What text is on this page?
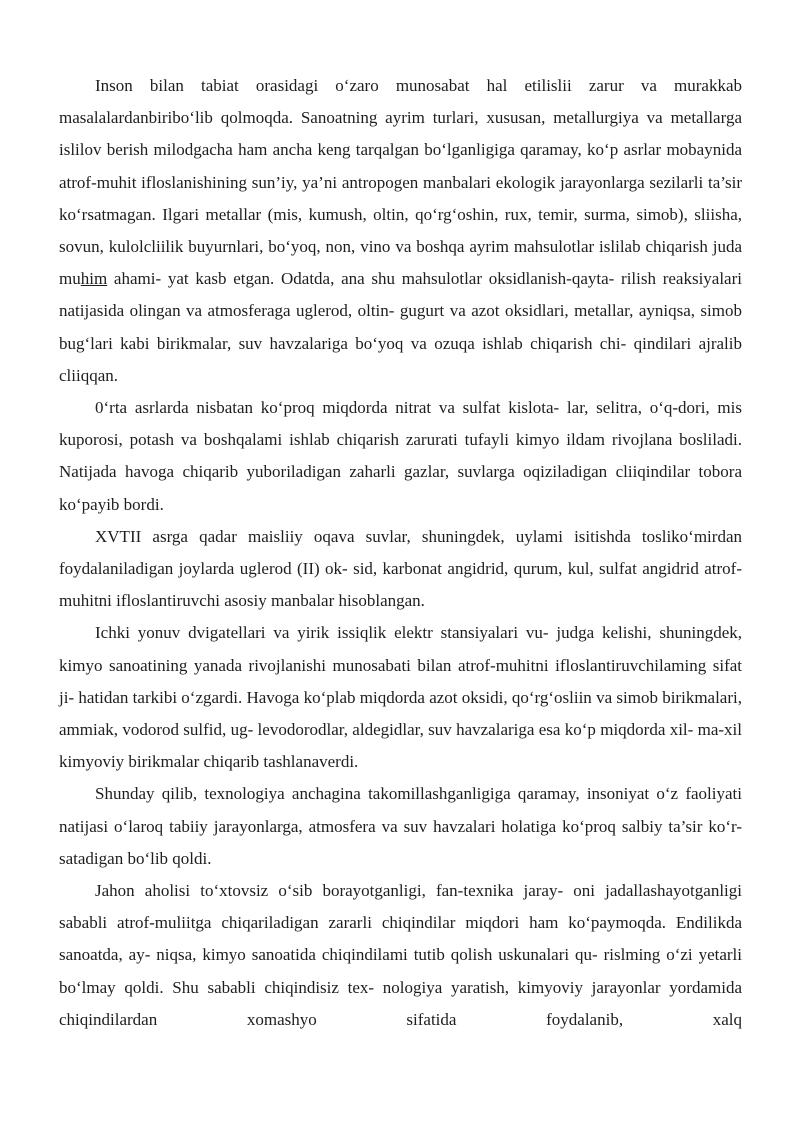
Inson bilan tabiat orasidagi o‘zaro munosabat hal etilislii zarur va murakkab masalalardanbiribo‘lib qolmoqda. Sanoatning ayrim turlari, xususan, metallurgiya va metallarga islilov berish milodgacha ham ancha keng tarqalgan bo‘lganligiga qaramay, ko‘p asrlar mobaynida atrof-muhit ifloslanishining sun’iy, ya’ni antropogen manbalari ekologik jarayonlarga sezilarli ta’sir ko‘rsatmagan. Ilgari metallar (mis, kumush, oltin, qo‘rg‘oshin, rux, temir, surma, simob), sliisha, sovun, kulolcliilik buyurnlari, bo‘yoq, non, vino va boshqa ayrim mahsulotlar islilab chiqarish juda muhim ahami- yat kasb etgan. Odatda, ana shu mahsulotlar oksidlanish-qayta- rilish reaksiyalari natijasida olingan va atmosferaga uglerod, oltin- gugurt va azot oksidlari, metallar, ayniqsa, simob bug‘lari kabi birikmalar, suv havzalariga bo‘yoq va ozuqa ishlab chiqarish chi- qindilari ajralib cliiqqan.

0‘rta asrlarda nisbatan ko‘proq miqdorda nitrat va sulfat kislota- lar, selitra, o‘q-dori, mis kuporosi, potash va boshqalami ishlab chiqarish zarurati tufayli kimyo ildam rivojlana bosliladi. Natijada havoga chiqarib yuboriladigan zaharli gazlar, suvlarga oqiziladigan cliiqindilar tobora ko‘payib bordi.

XVTII asrga qadar maisliiy oqava suvlar, shuningdek, uylami isitishda tosliko‘mirdan foydalaniladigan joylarda uglerod (II) ok- sid, karbonat angidrid, qurum, kul, sulfat angidrid atrof-muhitni ifloslantiruvchi asosiy manbalar hisoblangan.

Ichki yonuv dvigatellari va yirik issiqlik elektr stansiyalari vu- judga kelishi, shuningdek, kimyo sanoatining yanada rivojlanishi munosabati bilan atrof-muhitni ifloslantiruvchilaming sifat ji- hatidan tarkibi o‘zgardi. Havoga ko‘plab miqdorda azot oksidi, qo‘rg‘osliin va simob birikmalari, ammiak, vodorod sulfid, ug- levodorodlar, aldegidlar, suv havzalariga esa ko‘p miqdorda xil- ma-xil kimyoviy birikmalar chiqarib tashlanaverdi.

Shunday qilib, texnologiya anchagina takomillashganligiga qaramay, insoniyat o‘z faoliyati natijasi o‘laroq tabiiy jarayonlarga, atmosfera va suv havzalari holatiga ko‘proq salbiy ta’sir ko‘r- satadigan bo‘lib qoldi.

Jahon aholisi to‘xtovsiz o‘sib borayotganligi, fan-texnika jaray- oni jadallashayotganligi sababli atrof-muliitga chiqariladigan zararli chiqindilar miqdori ham ko‘paymoqda. Endilikda sanoatda, ay- niqsa, kimyo sanoatida chiqindilami tutib qolish uskunalari qu- rislming o‘zi yetarli bo‘lmay qoldi. Shu sababli chiqindisiz tex- nologiya yaratish, kimyoviy jarayonlar yordamida chiqindilardan xomashyo sifatida foydalanib, xalq
